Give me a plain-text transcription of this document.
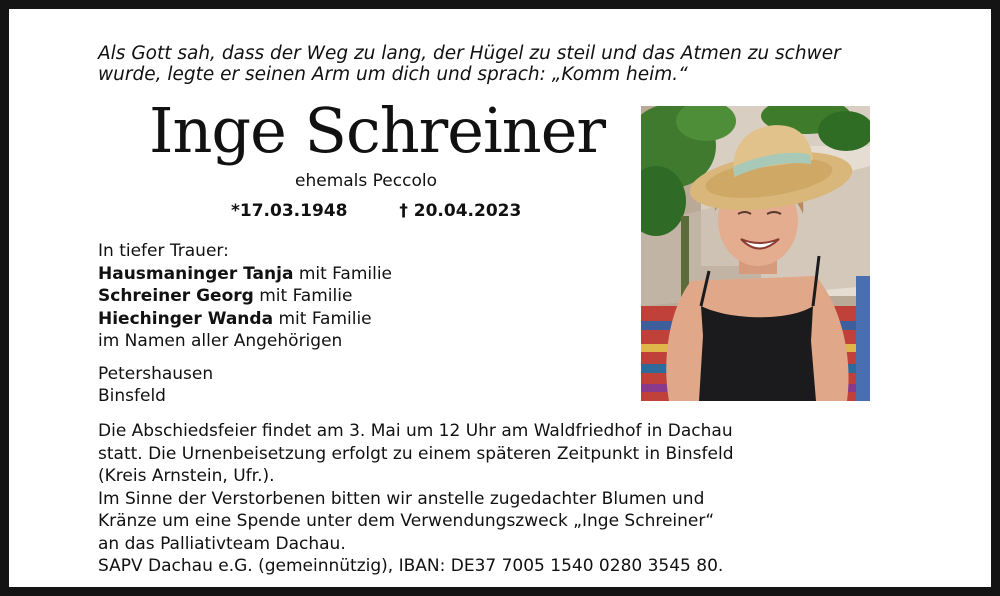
Als Gott sah, dass der Weg zu lang, der Hügel zu steil und das Atmen zu schwer
wurde, legte er seinen Arm um dich und sprach: „Komm heim.“
Inge Schreiner
ehemals Peccolo
*17.03.1948	† 20.04.2023
In tiefer Trauer:
Hausmaninger Tanja mit Familie
Schreiner Georg mit Familie
Hiechinger Wanda mit Familie
im Namen aller Angehörigen
Petershausen
Binsfeld
Die Abschiedsfeier findet am 3. Mai um 12 Uhr am Waldfriedhof in Dachau
statt. Die Urnenbeisetzung erfolgt zu einem späteren Zeitpunkt in Binsfeld
(Kreis Arnstein, Ufr.).
Im Sinne der Verstorbenen bitten wir anstelle zugedachter Blumen und
Kränze um eine Spende unter dem Verwendungszweck „Inge Schreiner“
an das Palliativteam Dachau.
SAPV Dachau e.G. (gemeinnützig), IBAN: DE37 7005 1540 0280 3545 80.
